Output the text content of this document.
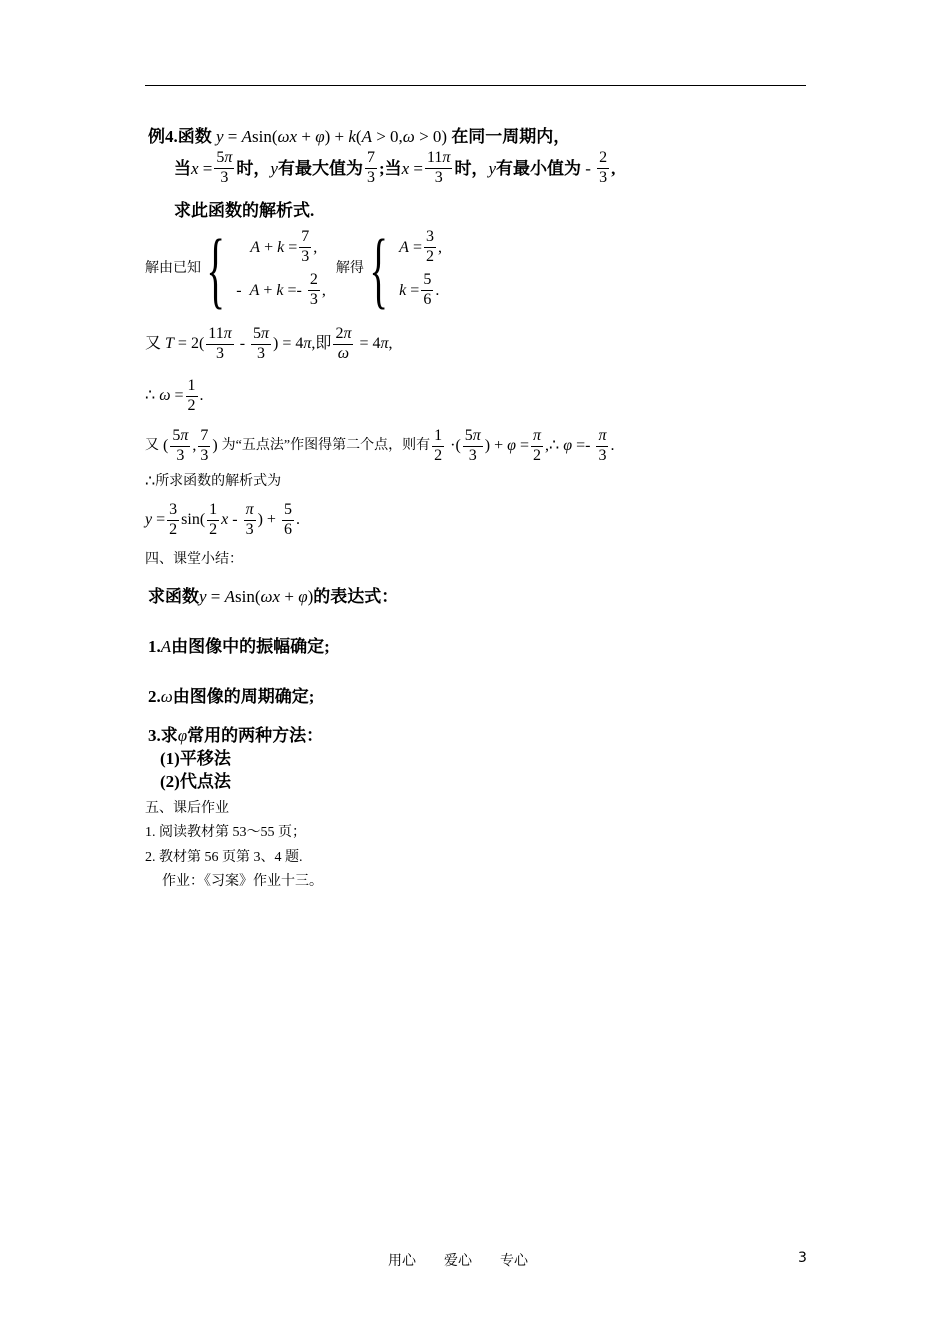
例4.函数 y = Asin(ωx + φ) + k(A > 0,ω > 0) 在同一周期内，
当 $x = \frac{5\pi}{3}$ 时， y 有最大值为 $\frac{7}{3}$ ;当 $x = \frac{11\pi}{3}$ 时， y 有最小值为 - $\frac{2}{3}$ ,
求此函数的解析式.
解由已知 { $A + k = \frac{7}{3}$ ,
- $A + k =- \frac{2}{3}$ ,
解得 { $A = \frac{3}{2}$ ,
$k = \frac{5}{6}$ .
又 $T = 2( \frac{11\pi}{3} - \frac{5\pi}{3}$ ) = 4π ,即 $\frac{2\pi}{\omega} = 4\pi$,
∴ $\omega = \frac{1}{2}$ .
又 ( $\frac{5\pi}{3}$ , $\frac{7}{3}$ ) 为“五点法”作图得第二个点，则有 $\frac{1}{2}$ ·( $\frac{5\pi}{3}$ ) + $\varphi = \frac{\pi}{2}$ ,∴ $\varphi =- \frac{\pi}{3}$ .
∴ 所求函数的解析式为
$y = \frac{3}{2} \sin( \frac{1}{2}$ x - $\frac{\pi}{3}$ ) + $\frac{5}{6}$ .
四、课堂小结：
求函数 y = Asin(ωx + φ) 的表达式：
1. A 由图像中的振幅确定;
2. ω 由图像的周期确定;
3.求 φ 常用的两种方法：
(1)平移法
(2)代点法
五、课后作业
1. 阅读教材第 53～55 页；
2. 教材第 56 页第 3、4 题.
作业：《习案》作业十三。
用心　　爱心　　专心	3
